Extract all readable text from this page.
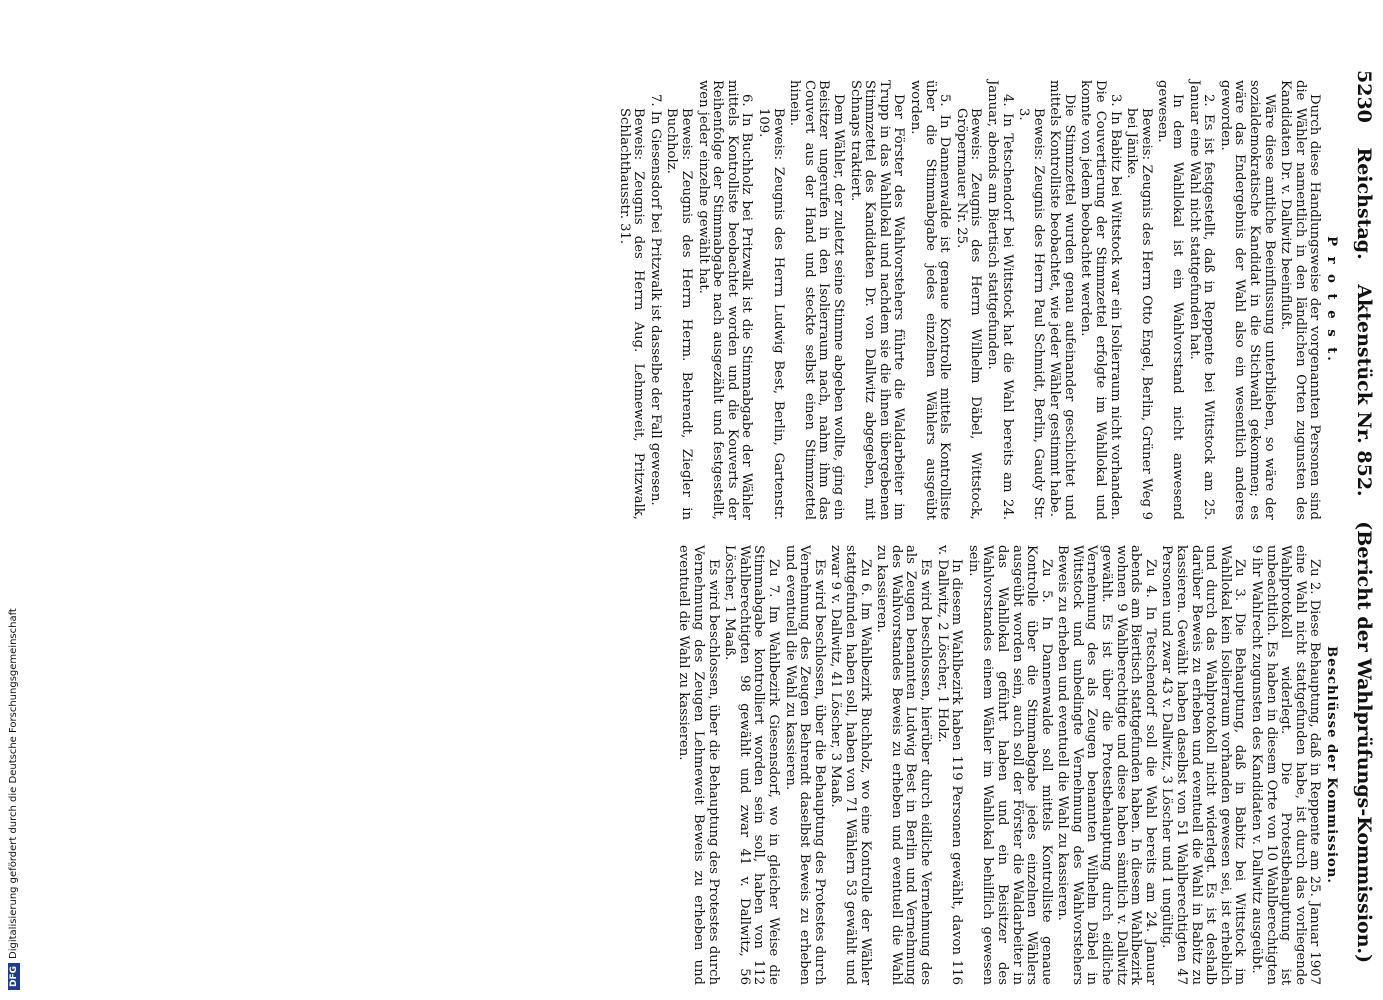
5230 Reichstag. Aktenstück Nr. 852. (Bericht der Wahlprüfungs-Kommission.)

P r o t e s t.

Durch diese Handlungsweise der vorgenannten Personen sind die Wähler namentlich in den ländlichen Orten zugunsten des Kandidaten Dr. v. Dallwitz beeinflußt.

Wäre diese amtliche Beeinflussung unterblieben, so wäre der sozialdemokratische Kandidat in die Stichwahl gekommen; es wäre das Endergebnis der Wahl also ein wesentlich anderes geworden.

2. Es ist festgestellt, daß in Reppente bei Wittstock am 25. Januar eine Wahl nicht stattgefunden hat.

In dem Wahllokal ist ein Wahlvorstand nicht anwesend gewesen.

Beweis: Zeugnis des Herrn Otto Engel, Berlin, Grüner Weg 9 bei Jänike.

3. In Babitz bei Wittstock war ein Isolierraum nicht vorhanden. Die Couvertierung der Stimmzettel erfolgte im Wahllokal und konnte von jedem beobachtet werden.

Die Stimmzettel wurden genau aufeinander geschichtet und mittels Kontrolliste beobachtet, wie jeder Wähler gestimmt habe.

Beweis: Zeugnis des Herrn Paul Schmidt, Berlin, Gaudy Str. 3.

4. In Tetschendorf bei Wittstock hat die Wahl bereits am 24. Januar, abends am Biertisch stattgefunden.

Beweis: Zeugnis des Herrn Wilhelm Däbel, Wittstock, Gröpermauer Nr. 25.

5. In Dannenwalde ist genaue Kontrolle mittels Kontrolliste über die Stimmabgabe jedes einzelnen Wählers ausgeübt worden.

Der Förster des Wahlvorstehers führte die Waldarbeiter im Trupp in das Wahllokal und nachdem sie die ihnen übergebenen Stimmzettel des Kandidaten Dr. von Dallwitz abgegeben, mit Schnaps traktiert.

Dem Wähler, der zuletzt seine Stimme abgeben wollte, ging ein Beisitzer ungerufen in den Isolierraum nach, nahm ihm das Couvert aus der Hand und steckte selbst einen Stimmzettel hinein.

Beweis: Zeugnis des Herrn Ludwig Best, Berlin, Gartenstr. 109.

6. In Buchholz bei Pritzwalk ist die Stimmabgabe der Wähler mittels Kontrolliste beobachtet worden und die Kouverts der Reihenfolge der Stimmabgabe nach ausgezählt und festgestellt, wen jeder einzelne gewählt hat.

Beweis: Zeugnis des Herrn Herm. Behrendt, Ziegler in Buchholz.

7. In Giesensdorf bei Pritzwalk ist dasselbe der Fall gewesen.

Beweis: Zeugnis des Herrn Aug. Lehmeweit, Pritzwalk, Schlachthausstr. 31.

Beschlüsse der Kommission.

Zu 2. Diese Behauptung, daß in Reppente am 25. Januar 1907 eine Wahl nicht stattgefunden habe, ist durch das vorliegende Wahlprotokoll widerlegt. Die Protestbehauptung ist unbeachtlich. Es haben in diesem Orte von 10 Wahlberechtigten 9 ihr Wahlrecht zugunsten des Kandidaten v. Dallwitz ausgeübt.

Zu 3. Die Behauptung, daß in Babitz bei Wittstock im Wahllokal kein Isolierraum vorhanden gewesen sei, ist erheblich und durch das Wahlprotokoll nicht widerlegt. Es ist deshalb darüber Beweis zu erheben und eventuell die Wahl in Babitz zu kassieren. Gewählt haben daselbst von 51 Wahlberechtigten 47 Personen und zwar 43 v. Dallwitz, 3 Löscher und 1 ungültig.

Zu 4. In Tetschendorf soll die Wahl bereits am 24. Januar abends am Biertisch stattgefunden haben. In diesem Wahlbezirk wohnen 9 Wahlberechtigte und diese haben sämtlich v. Dallwitz gewählt. Es ist über die Protestbehauptung durch eidliche Vernehmung des als Zeugen benannten Wilhelm Däbel in Wittstock und unbedingte Vernehmung des Wahlvorstehers Beweis zu erheben und eventuell die Wahl zu kassieren.

Zu 5. In Dannenwalde soll mittels Kontrolliste genaue Kontrolle über die Stimmabgabe jedes einzelnen Wählers ausgeübt worden sein, auch soll der Förster die Waldarbeiter in das Wahllokal geführt haben und ein Beisitzer des Wahlvorstandes einem Wähler im Wahllokal behilflich gewesen sein.

In diesem Wahlbezirk haben 119 Personen gewählt, davon 116 v. Dallwitz, 2 Löscher, 1 Holz.

Es wird beschlossen, hierüber durch eidliche Vernehmung des als Zeugen benannten Ludwig Best in Berlin und Vernehmung des Wahlvorstandes Beweis zu erheben und eventuell die Wahl zu kassieren.

Zu 6. Im Wahlbezirk Buchholz, wo eine Kontrolle der Wähler stattgefunden haben soll, haben von 71 Wählern 53 gewählt und zwar 9 v. Dallwitz, 41 Löscher, 3 Maaß.

Es wird beschlossen, über die Behauptung des Protestes durch Vernehmung des Zeugen Behrendt daselbst Beweis zu erheben und eventuell die Wahl zu kassieren.

Zu 7. Im Wahlbezirk Giesensdorf, wo in gleicher Weise die Stimmabgabe kontrolliert worden sein soll, haben von 112 Wahlberechtigten 98 gewählt und zwar 41 v. Dallwitz, 56 Löscher, 1 Maaß.

Es wird beschlossen, über die Behauptung des Protestes durch Vernehmung des Zeugen Lehmeweit Beweis zu erheben und eventuell die Wahl zu kassieren.

DFGDigitalisierung gefördert durch die Deutsche Forschungsgemeinschaft
